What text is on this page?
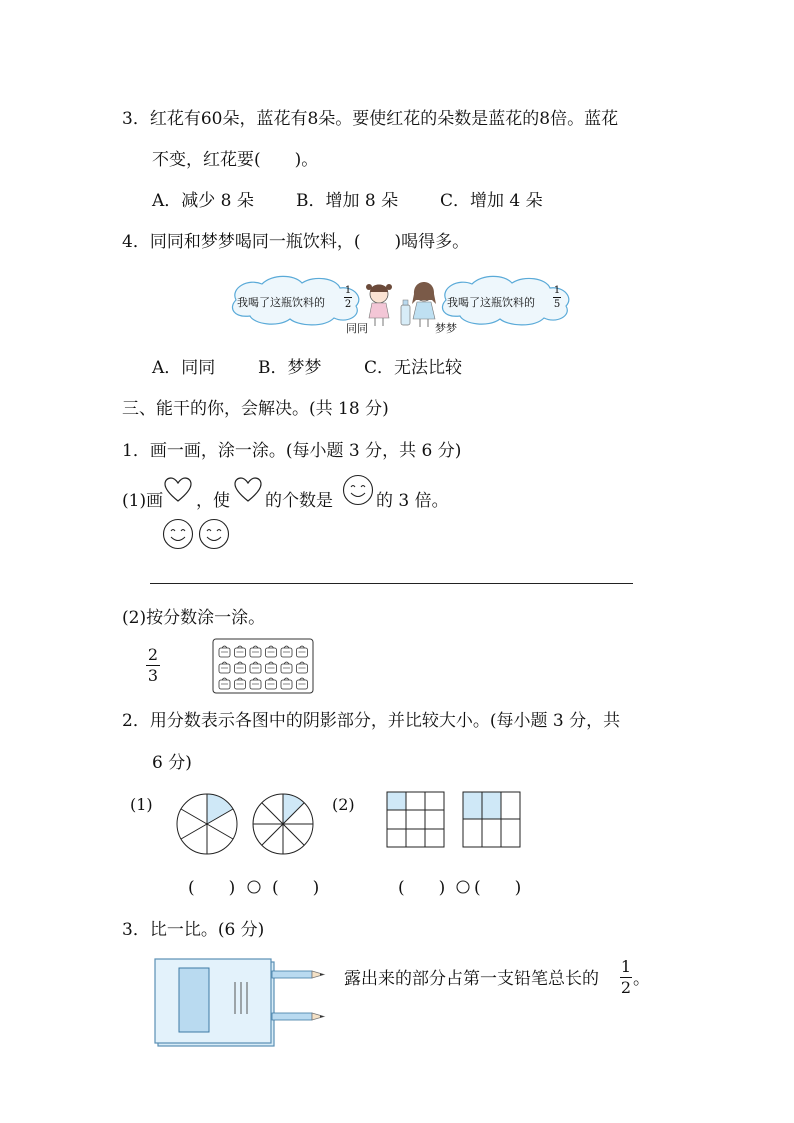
3．红花有60朵，蓝花有8朵。要使红花的朵数是蓝花的8倍。蓝花
不变，红花要(　　)。
A．减少 8 朵 B．增加 8 朵 C．增加 4 朵
4．同同和梦梦喝同一瓶饮料，(　　)喝得多。
我喝了这瓶饮料的
1
2	我喝了这瓶饮料的
1
5
同同	梦梦
A．同同	B．梦梦	C．无法比较
三、能干的你，会解决。(共 18 分)
1．画一画，涂一涂。(每小题 3 分，共 6 分)
(1)画 ，使 的个数是	的 3 倍。
(2)按分数涂一涂。
2
3
2．用分数表示各图中的阴影部分，并比较大小。(每小题 3 分，共
6 分)
(1)	(2)
(　　) (　　)	(　　) (　　)
3．比一比。(6 分)
露出来的部分占第一支铅笔总长的
1
2 。
